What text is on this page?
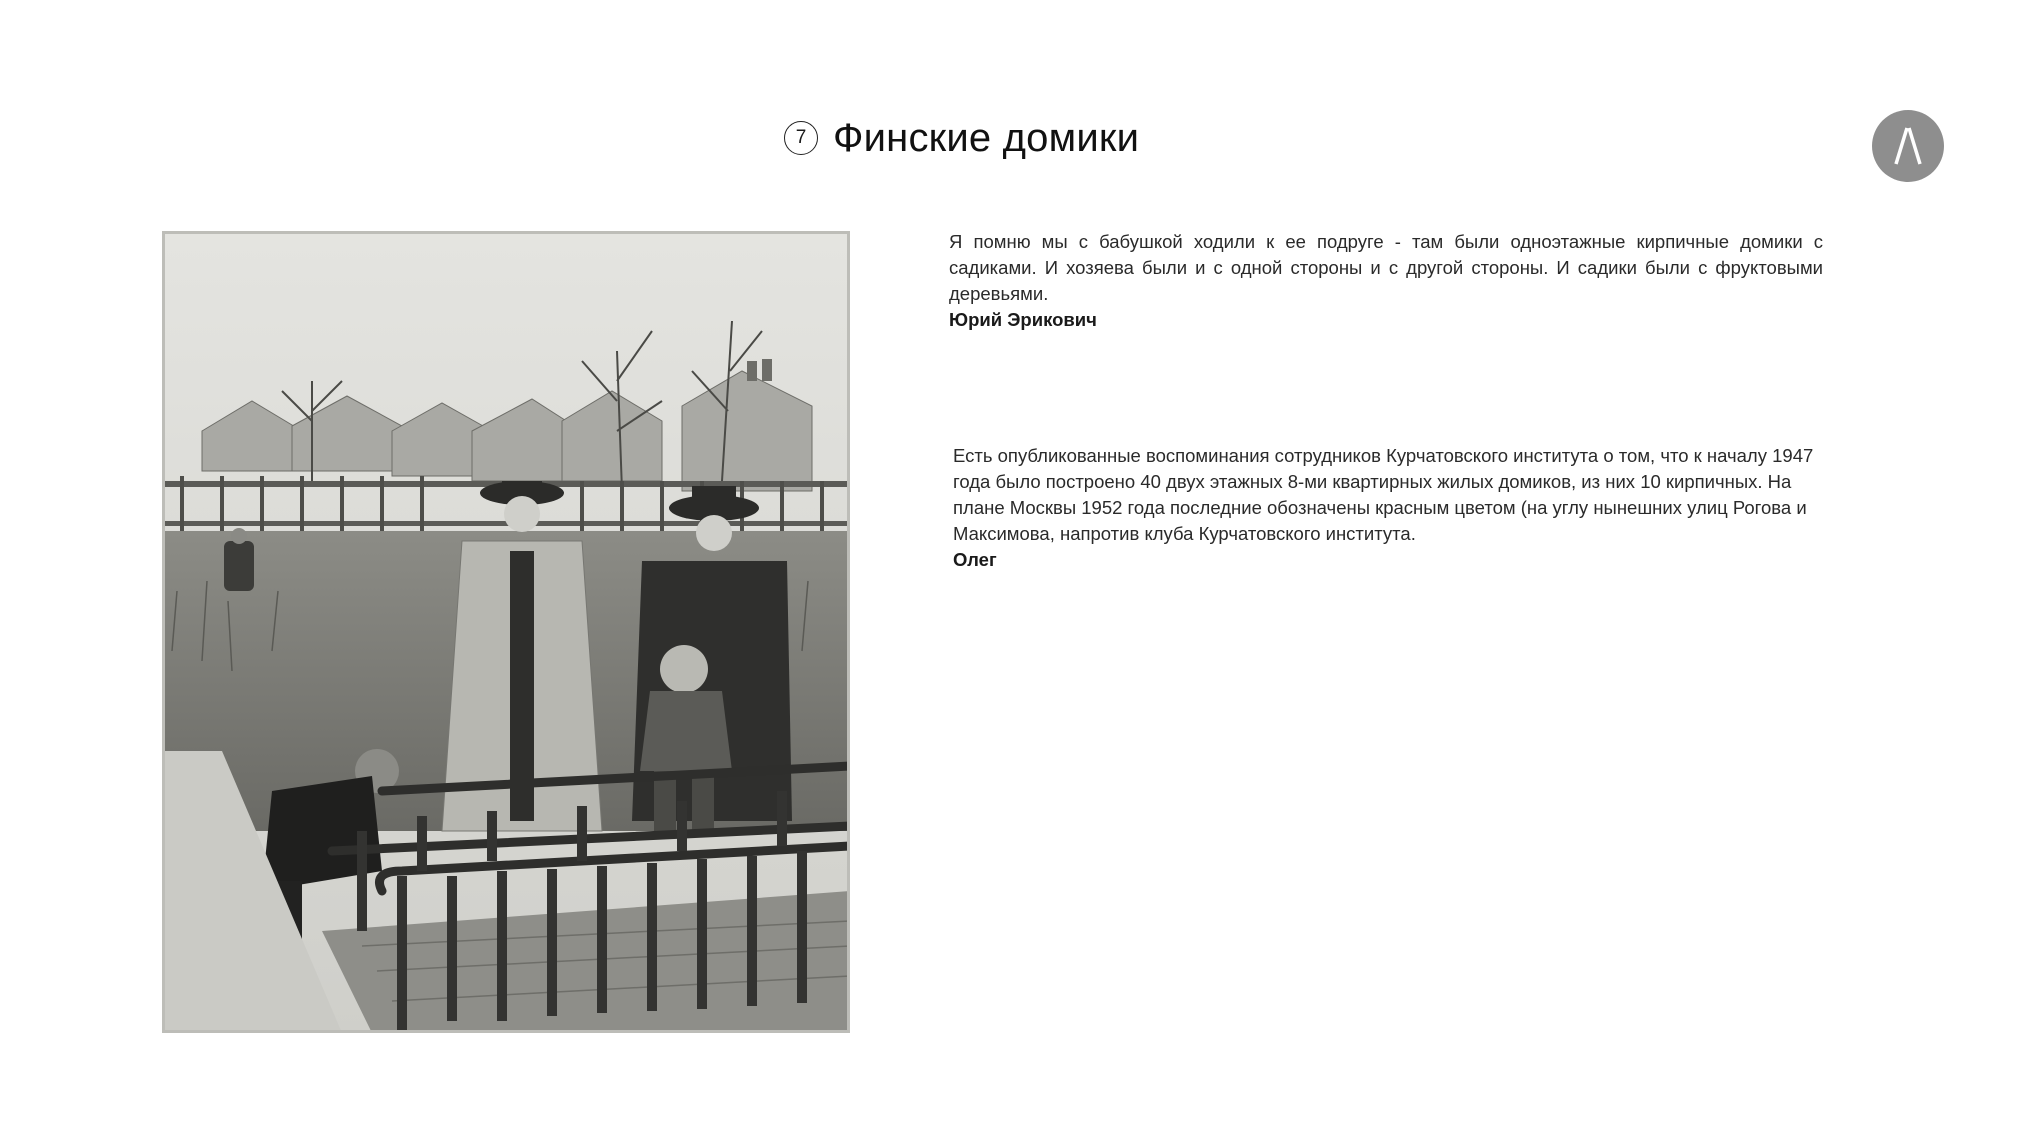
7 Финские домики
Я помню мы с бабушкой ходили к ее подруге - там были одноэтажные кирпичные домики с садиками. И хозяева были и с одной стороны и с другой стороны. И садики были с фруктовыми деревьями.
Юрий Эрикович
Есть опубликованные воспоминания сотрудников Курчатовского института о том, что к началу 1947 года было построено 40 двух этажных 8-ми квартирных жилых домиков, из них 10 кирпичных. На плане Москвы 1952 года последние обозначены красным цветом (на углу нынешних улиц Рогова и Максимова, напротив клуба Курчатовского института.
Олег
